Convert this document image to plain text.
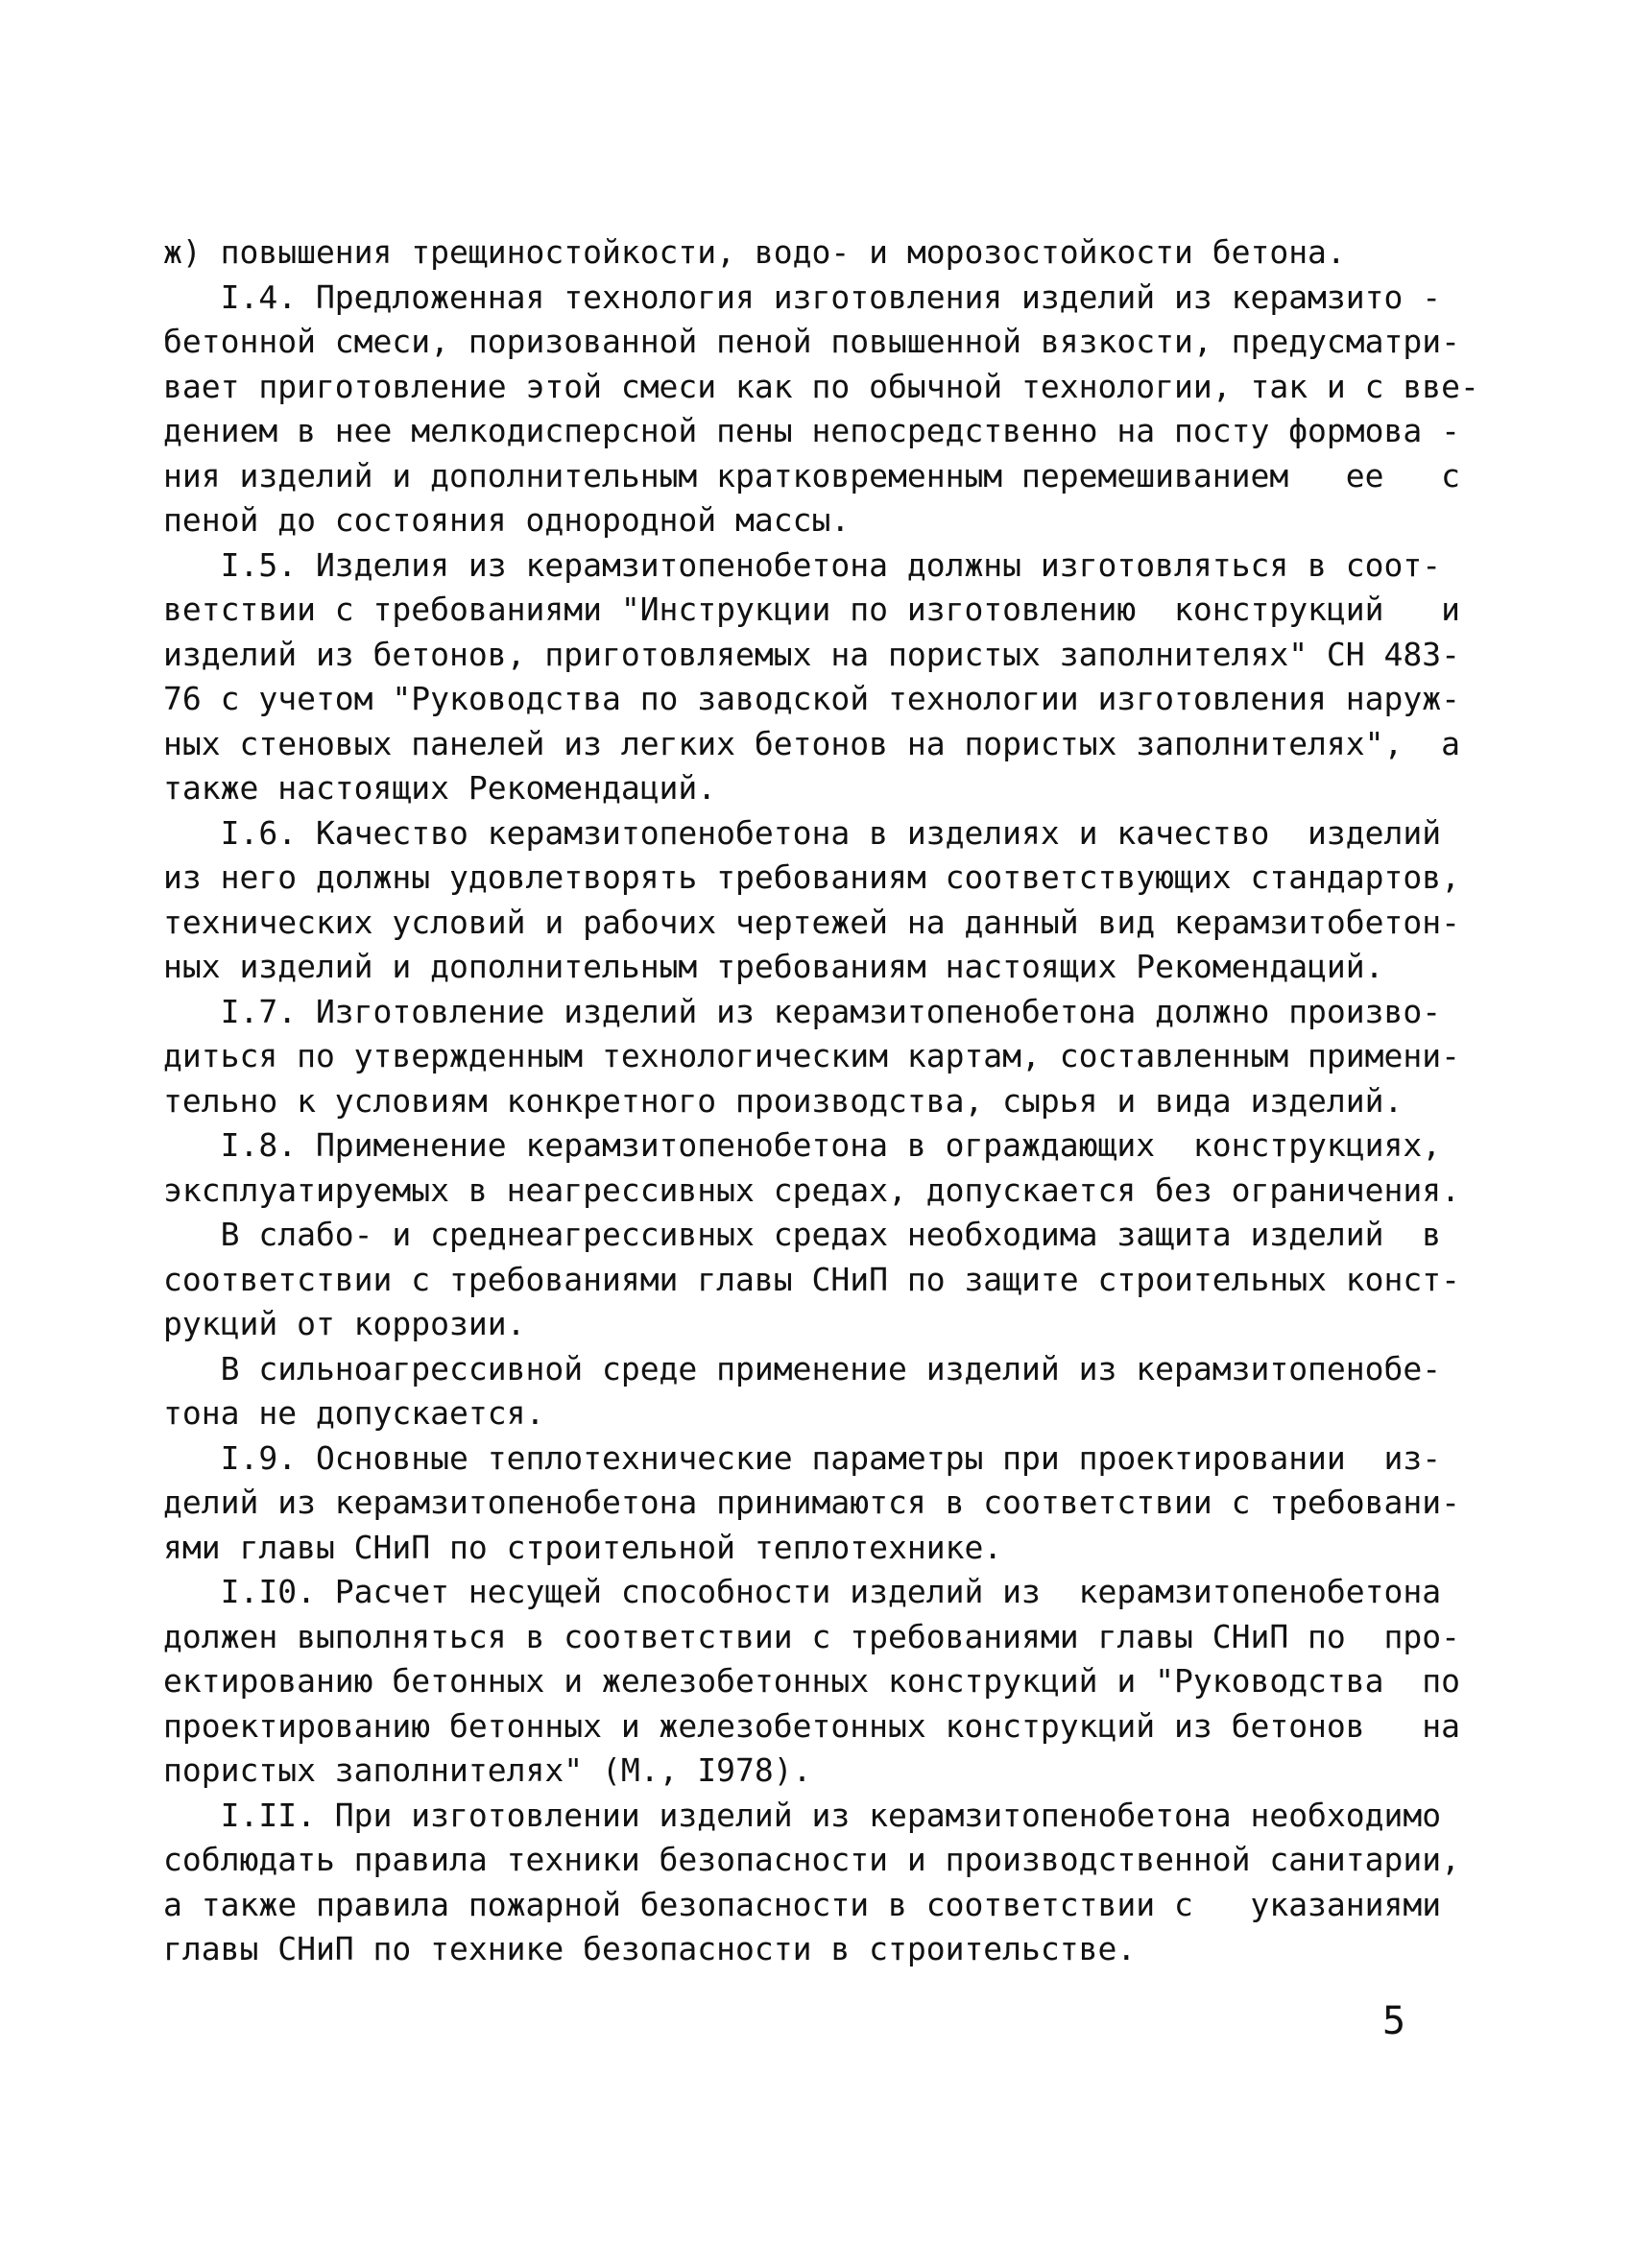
ж) повышения трещиностойкости, водо- и морозостойкости бетона.
I.4. Предложенная технология изготовления изделий из керамзито -
бетонной смеси, поризованной пеной повышенной вязкости, предусматри-
вает приготовление этой смеси как по обычной технологии, так и с вве-
дением в нее мелкодисперсной пены непосредственно на посту формова -
ния изделий и дополнительным кратковременным перемешиванием   ее   с
пеной до состояния однородной массы.
I.5. Изделия из керамзитопенобетона должны изготовляться в соот-
ветствии с требованиями "Инструкции по изготовлению  конструкций   и
изделий из бетонов, приготовляемых на пористых заполнителях" СН 483-
76 с учетом "Руководства по заводской технологии изготовления наруж-
ных стеновых панелей из легких бетонов на пористых заполнителях",  а
также настоящих Рекомендаций.
I.6. Качество керамзитопенобетона в изделиях и качество  изделий
из него должны удовлетворять требованиям соответствующих стандартов,
технических условий и рабочих чертежей на данный вид керамзитобетон-
ных изделий и дополнительным требованиям настоящих Рекомендаций.
I.7. Изготовление изделий из керамзитопенобетона должно произво-
диться по утвержденным технологическим картам, составленным примени-
тельно к условиям конкретного производства, сырья и вида изделий.
I.8. Применение керамзитопенобетона в ограждающих  конструкциях,
эксплуатируемых в неагрессивных средах, допускается без ограничения.
В слабо- и среднеагрессивных средах необходима защита изделий  в
соответствии с требованиями главы СНиП по защите строительных конст-
рукций от коррозии.
В сильноагрессивной среде применение изделий из керамзитопенобе-
тона не допускается.
I.9. Основные теплотехнические параметры при проектировании  из-
делий из керамзитопенобетона принимаются в соответствии с требовани-
ями главы СНиП по строительной теплотехнике.
I.I0. Расчет несущей способности изделий из  керамзитопенобетона
должен выполняться в соответствии с требованиями главы СНиП по  про-
ектированию бетонных и железобетонных конструкций и "Руководства  по
проектированию бетонных и железобетонных конструкций из бетонов   на
пористых заполнителях" (М., I978).
I.II. При изготовлении изделий из керамзитопенобетона необходимо
соблюдать правила техники безопасности и производственной санитарии,
а также правила пожарной безопасности в соответствии с   указаниями
главы СНиП по технике безопасности в строительстве.
5
